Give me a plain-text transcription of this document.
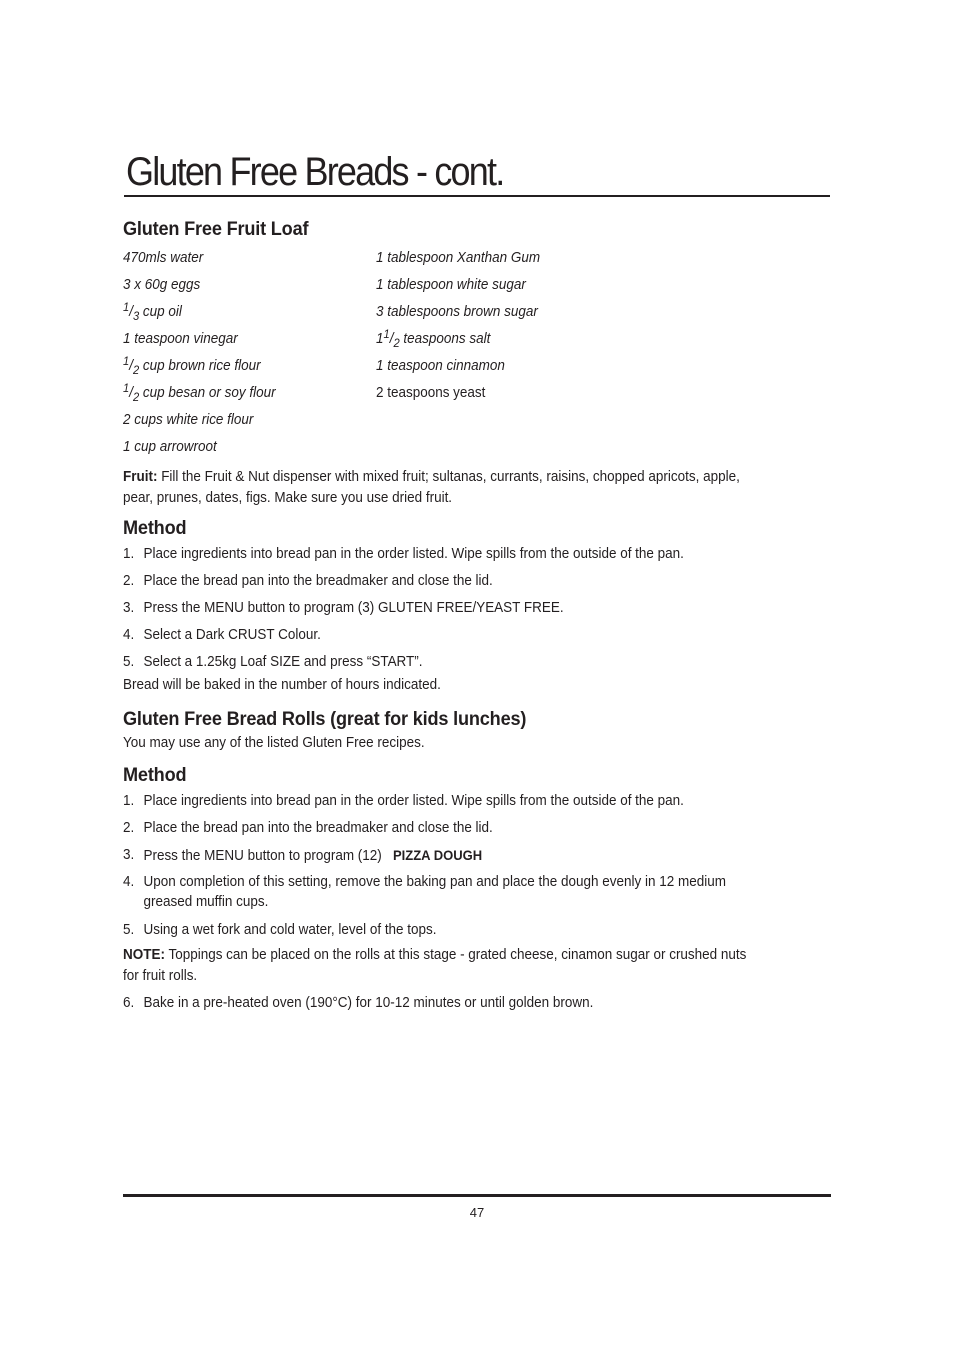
Gluten Free Breads - cont.
Gluten Free Fruit Loaf
470mls water
3 x 60g eggs
$^1/_3$ cup oil
1 teaspoon vinegar
$^1/_2$ cup brown rice flour
$^1/_2$ cup besan or soy flour
2 cups white rice flour
1 cup arrowroot
1 tablespoon Xanthan Gum
1 tablespoon white sugar
3 tablespoons brown sugar
$1^1/_2$ teaspoons salt
1 teaspoon cinnamon
2 teaspoons yeast

Fruit: Fill the Fruit & Nut dispenser with mixed fruit; sultanas, currants, raisins, chopped apricots, apple,
pear, prunes, dates, figs. Make sure you use dried fruit.

Method
1. Place ingredients into bread pan in the order listed. Wipe spills from the outside of the pan.
2. Place the bread pan into the breadmaker and close the lid.
3. Press the MENU button to program (3) GLUTEN FREE/YEAST FREE.
4. Select a Dark CRUST Colour.
5. Select a 1.25kg Loaf SIZE and press “START”.

Bread will be baked in the number of hours indicated.

Gluten Free Bread Rolls (great for kids lunches)

You may use any of the listed Gluten Free recipes.

Method
1. Place ingredients into bread pan in the order listed. Wipe spills from the outside of the pan.
2. Place the bread pan into the breadmaker and close the lid.
3. Press the MENU button to program (12) PIZZA DOUGH
4. Upon completion of this setting, remove the baking pan and place the dough evenly in 12 medium
greased muffin cups.
5. Using a wet fork and cold water, level of the tops.

NOTE: Toppings can be placed on the rolls at this stage - grated cheese, cinamon sugar or crushed nuts
for fruit rolls.

6. Bake in a pre-heated oven (190°C) for 10-12 minutes or until golden brown.
47
